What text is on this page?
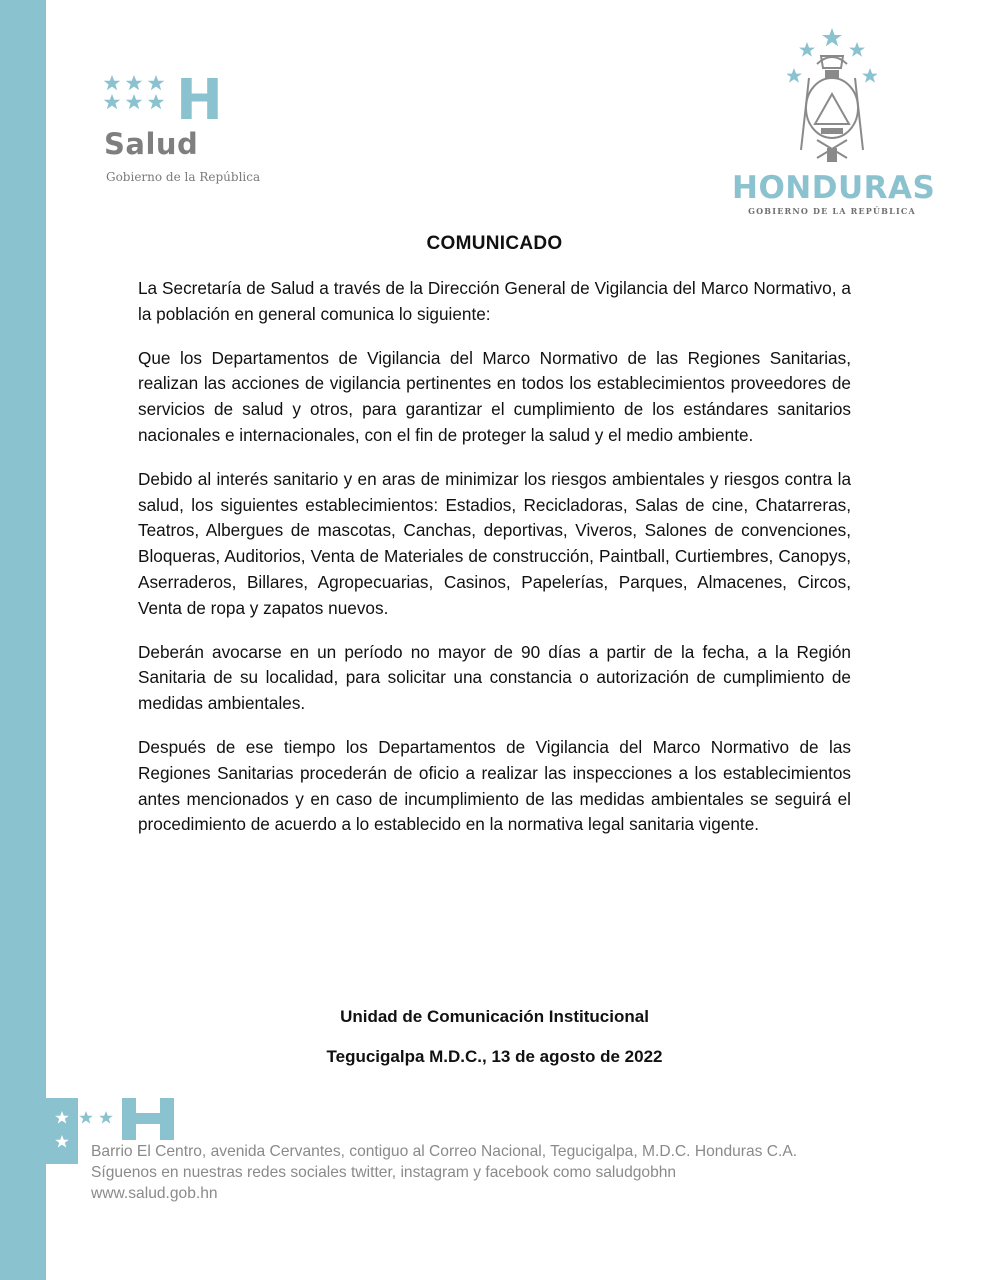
H
Salud
Gobierno de la República	HONDURAS
GOBIERNO DE LA REPÚBLICA
COMUNICADO

La Secretaría de Salud a través de la Dirección General de Vigilancia del Marco Normativo, a la población en general comunica lo siguiente:

Que los Departamentos de Vigilancia del Marco Normativo de las Regiones Sanitarias, realizan las acciones de vigilancia pertinentes en todos los establecimientos proveedores de servicios de salud y otros, para garantizar el cumplimiento de los estándares sanitarios nacionales e internacionales, con el fin de proteger la salud y el medio ambiente.

Debido al interés sanitario y en aras de minimizar los riesgos ambientales y riesgos contra la salud, los siguientes establecimientos: Estadios, Recicladoras, Salas de cine, Chatarreras, Teatros, Albergues de mascotas, Canchas, deportivas, Viveros, Salones de convenciones, Bloqueras, Auditorios, Venta de Materiales de construcción, Paintball, Curtiembres, Canopys, Aserraderos, Billares, Agropecuarias, Casinos, Papelerías, Parques, Almacenes, Circos, Venta de ropa y zapatos nuevos.

Deberán avocarse en un período no mayor de 90 días a partir de la fecha, a la Región Sanitaria de su localidad, para solicitar una constancia o autorización de cumplimiento de medidas ambientales.

Después de ese tiempo los Departamentos de Vigilancia del Marco Normativo de las Regiones Sanitarias procederán de oficio a realizar las inspecciones a los establecimientos antes mencionados y en caso de incumplimiento de las medidas ambientales se seguirá el procedimiento de acuerdo a lo establecido en la normativa legal sanitaria vigente.

Unidad de Comunicación Institucional
Tegucigalpa M.D.C., 13 de agosto de 2022
Barrio El Centro, avenida Cervantes, contiguo al Correo Nacional, Tegucigalpa, M.D.C. Honduras C.A.
Síguenos en nuestras redes sociales twitter, instagram y facebook como saludgobhn
www.salud.gob.hn
